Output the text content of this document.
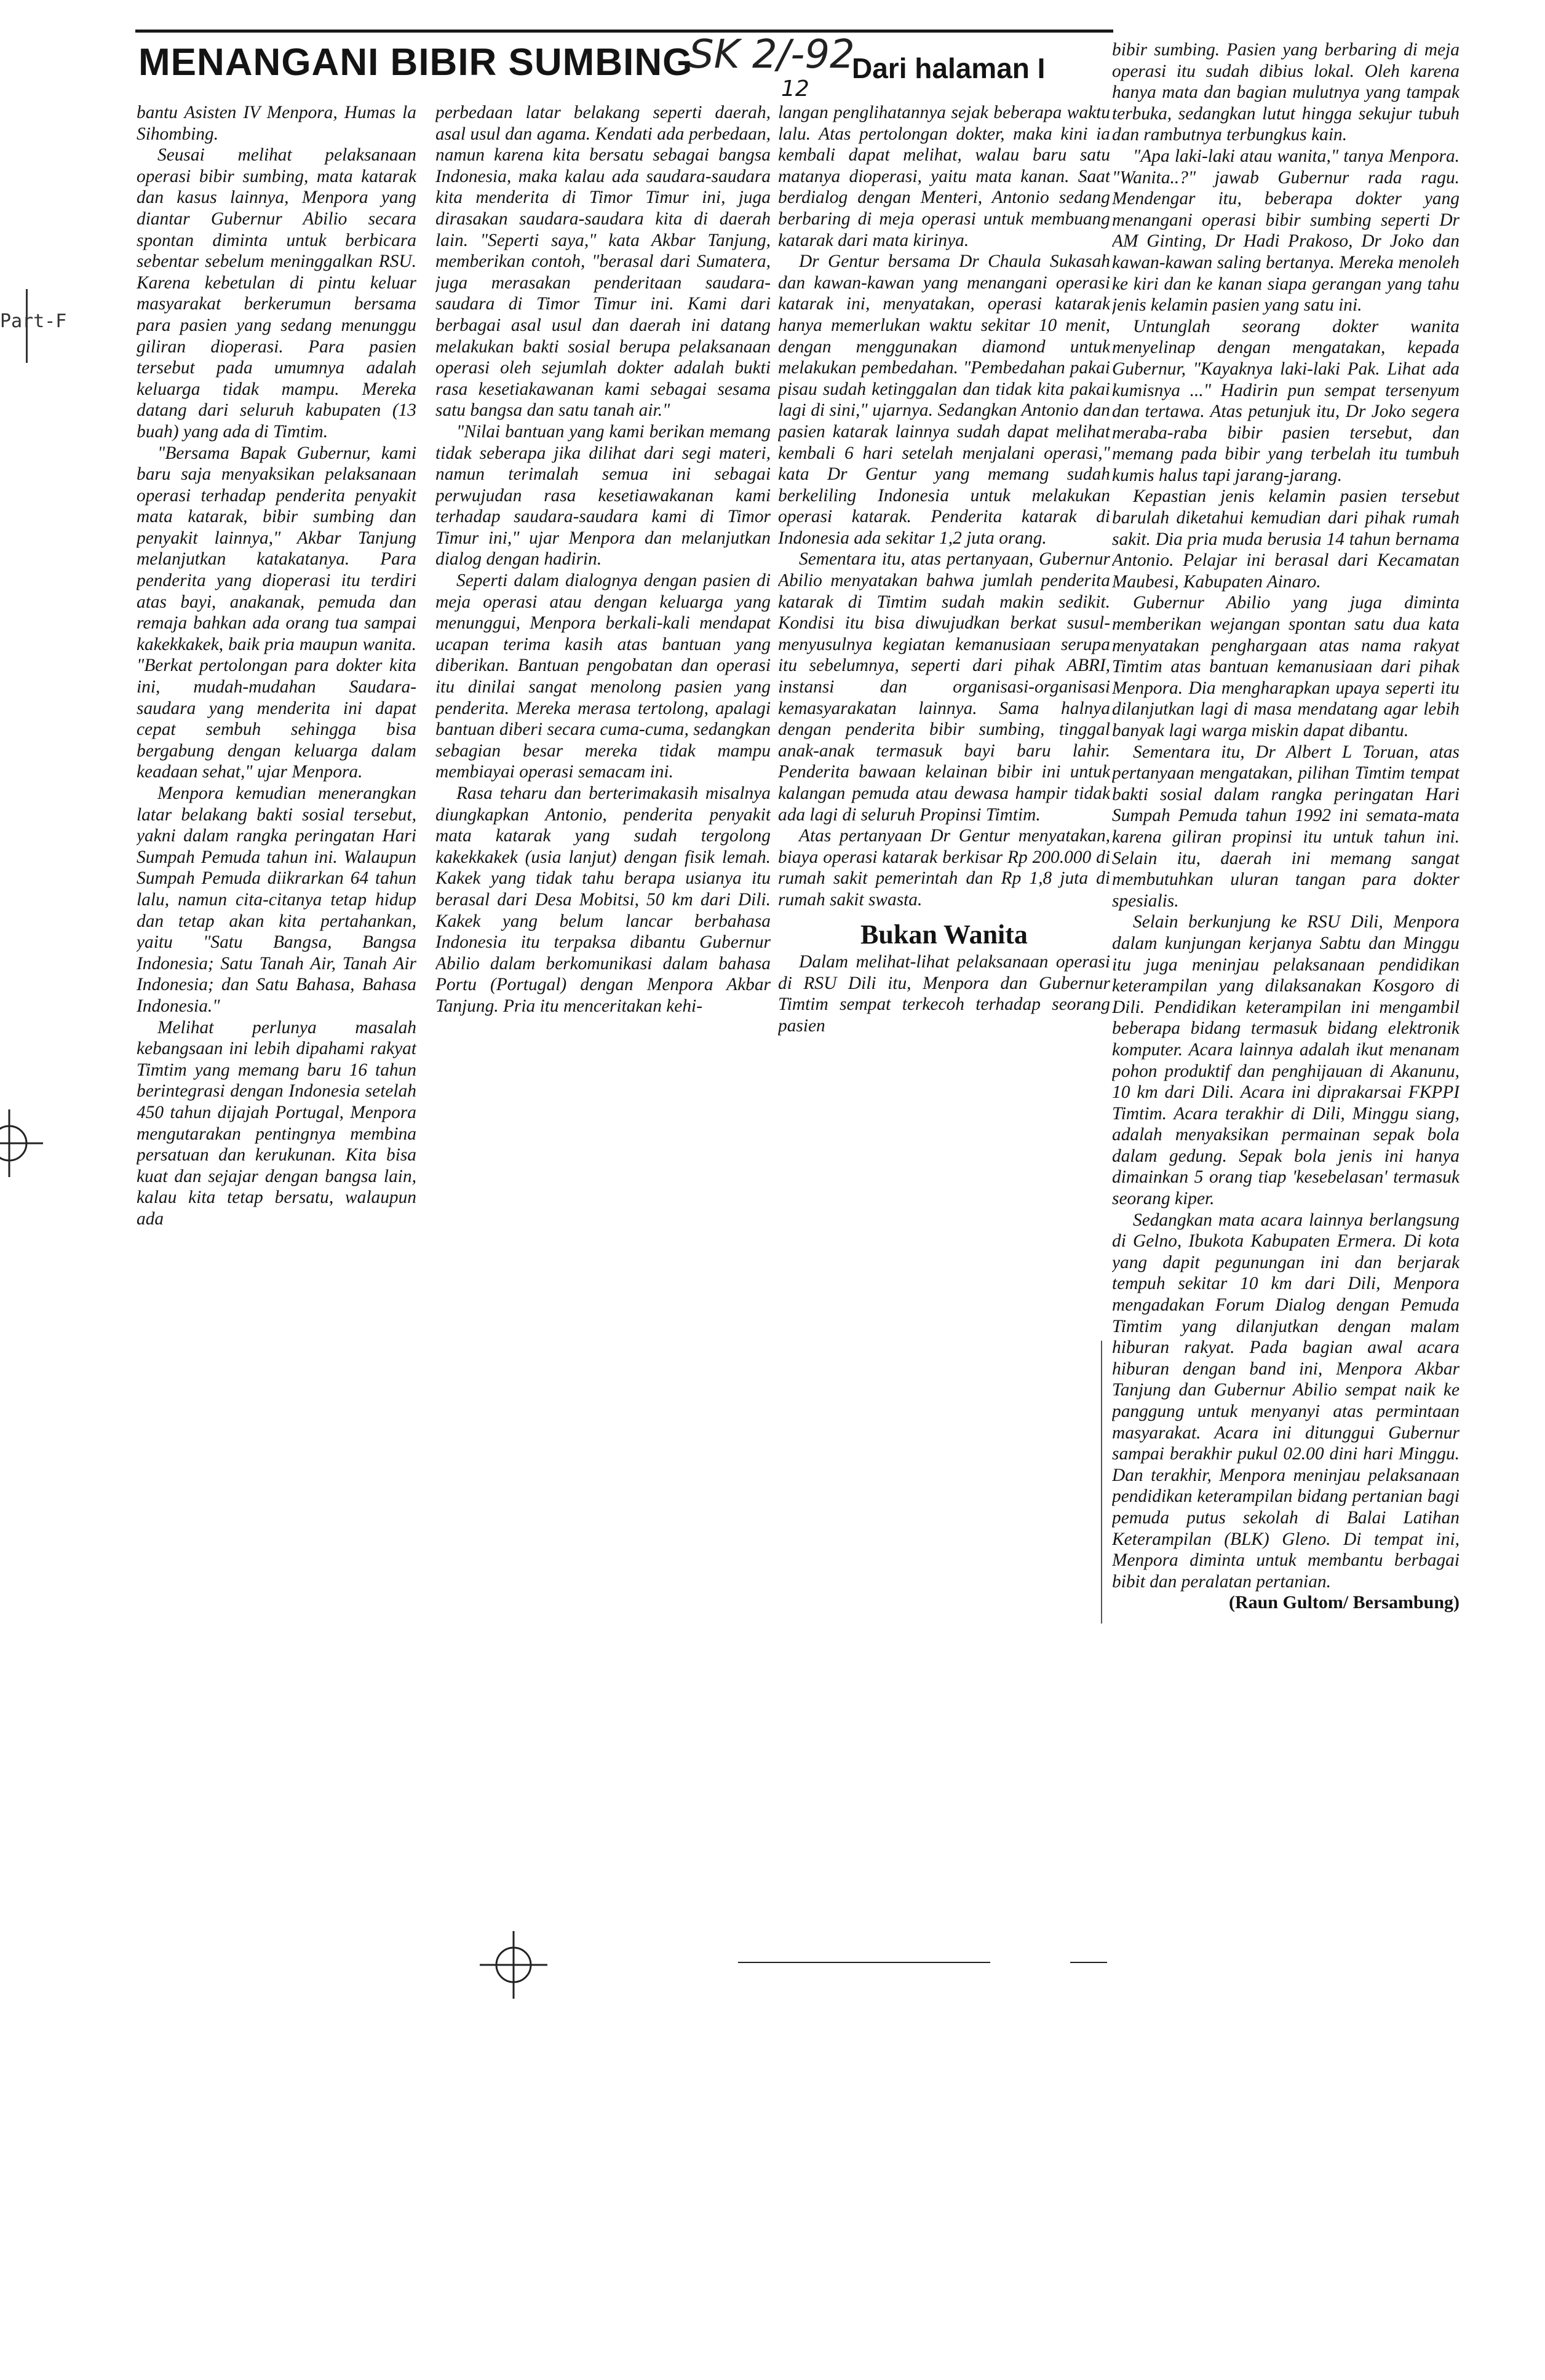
MENANGANI BIBIR SUMBING
SK 2/-92
12
Dari halaman I
Part-F

bantu Asisten IV Menpora, Humas la Sihombing.

Seusai melihat pelaksanaan operasi bibir sumbing, mata katarak dan kasus lainnya, Menpora yang diantar Gubernur Abilio secara spontan diminta untuk berbicara sebentar sebelum meninggalkan RSU. Karena kebetulan di pintu keluar masyarakat berkerumun bersama para pasien yang sedang menunggu giliran dioperasi. Para pasien tersebut pada umumnya adalah keluarga tidak mampu. Mereka datang dari seluruh kabupaten (13 buah) yang ada di Timtim.

"Bersama Bapak Gubernur, kami baru saja menyaksikan pelaksanaan operasi terhadap penderita penyakit mata katarak, bibir sumbing dan penyakit lainnya," Akbar Tanjung melanjutkan katakatanya. Para penderita yang dioperasi itu terdiri atas bayi, anakanak, pemuda dan remaja bahkan ada orang tua sampai kakekkakek, baik pria maupun wanita. "Berkat pertolongan para dokter kita ini, mudah-mudahan Saudara-saudara yang menderita ini dapat cepat sembuh sehingga bisa bergabung dengan keluarga dalam keadaan sehat," ujar Menpora.

Menpora kemudian menerangkan latar belakang bakti sosial tersebut, yakni dalam rangka peringatan Hari Sumpah Pemuda tahun ini. Walaupun Sumpah Pemuda diikrarkan 64 tahun lalu, namun cita-citanya tetap hidup dan tetap akan kita pertahankan, yaitu "Satu Bangsa, Bangsa Indonesia; Satu Tanah Air, Tanah Air Indonesia; dan Satu Bahasa, Bahasa Indonesia."

Melihat perlunya masalah kebangsaan ini lebih dipahami rakyat Timtim yang memang baru 16 tahun berintegrasi dengan Indonesia setelah 450 tahun dijajah Portugal, Menpora mengutarakan pentingnya membina persatuan dan kerukunan. Kita bisa kuat dan sejajar dengan bangsa lain, kalau kita tetap bersatu, walaupun ada

perbedaan latar belakang seperti daerah, asal usul dan agama. Kendati ada perbedaan, namun karena kita bersatu sebagai bangsa Indonesia, maka kalau ada saudara-saudara kita menderita di Timor Timur ini, juga dirasakan saudara-saudara kita di daerah lain. "Seperti saya," kata Akbar Tanjung, memberikan contoh, "berasal dari Sumatera, juga merasakan penderitaan saudara-saudara di Timor Timur ini. Kami dari berbagai asal usul dan daerah ini datang melakukan bakti sosial berupa pelaksanaan operasi oleh sejumlah dokter adalah bukti rasa kesetiakawanan kami sebagai sesama satu bangsa dan satu tanah air."

"Nilai bantuan yang kami berikan memang tidak seberapa jika dilihat dari segi materi, namun terimalah semua ini sebagai perwujudan rasa kesetiawakanan kami terhadap saudara-saudara kami di Timor Timur ini," ujar Menpora dan melanjutkan dialog dengan hadirin.

Seperti dalam dialognya dengan pasien di meja operasi atau dengan keluarga yang menunggui, Menpora berkali-kali mendapat ucapan terima kasih atas bantuan yang diberikan. Bantuan pengobatan dan operasi itu dinilai sangat menolong pasien yang penderita. Mereka merasa tertolong, apalagi bantuan diberi secara cuma-cuma, sedangkan sebagian besar mereka tidak mampu membiayai operasi semacam ini.

Rasa teharu dan berterimakasih misalnya diungkapkan Antonio, penderita penyakit mata katarak yang sudah tergolong kakekkakek (usia lanjut) dengan fisik lemah. Kakek yang tidak tahu berapa usianya itu berasal dari Desa Mobitsi, 50 km dari Dili. Kakek yang belum lancar berbahasa Indonesia itu terpaksa dibantu Gubernur Abilio dalam berkomunikasi dalam bahasa Portu (Portugal) dengan Menpora Akbar Tanjung. Pria itu menceritakan kehi-

langan penglihatannya sejak beberapa waktu lalu. Atas pertolongan dokter, maka kini ia kembali dapat melihat, walau baru satu matanya dioperasi, yaitu mata kanan. Saat berdialog dengan Menteri, Antonio sedang berbaring di meja operasi untuk membuang katarak dari mata kirinya.

Dr Gentur bersama Dr Chaula Sukasah dan kawan-kawan yang menangani operasi katarak ini, menyatakan, operasi katarak hanya memerlukan waktu sekitar 10 menit, dengan menggunakan diamond untuk melakukan pembedahan. "Pembedahan pakai pisau sudah ketinggalan dan tidak kita pakai lagi di sini," ujarnya. Sedangkan Antonio dan pasien katarak lainnya sudah dapat melihat kembali 6 hari setelah menjalani operasi," kata Dr Gentur yang memang sudah berkeliling Indonesia untuk melakukan operasi katarak. Penderita katarak di Indonesia ada sekitar 1,2 juta orang.

Sementara itu, atas pertanyaan, Gubernur Abilio menyatakan bahwa jumlah penderita katarak di Timtim sudah makin sedikit. Kondisi itu bisa diwujudkan berkat susul-menyusulnya kegiatan kemanusiaan serupa itu sebelumnya, seperti dari pihak ABRI, instansi dan organisasi-organisasi kemasyarakatan lainnya. Sama halnya dengan penderita bibir sumbing, tinggal anak-anak termasuk bayi baru lahir. Penderita bawaan kelainan bibir ini untuk kalangan pemuda atau dewasa hampir tidak ada lagi di seluruh Propinsi Timtim.

Atas pertanyaan Dr Gentur menyatakan, biaya operasi katarak berkisar Rp 200.000 di rumah sakit pemerintah dan Rp 1,8 juta di rumah sakit swasta.

Bukan Wanita

Dalam melihat-lihat pelaksanaan operasi di RSU Dili itu, Menpora dan Gubernur Timtim sempat terkecoh terhadap seorang pasien

bibir sumbing. Pasien yang berbaring di meja operasi itu sudah dibius lokal. Oleh karena hanya mata dan bagian mulutnya yang tampak terbuka, sedangkan lutut hingga sekujur tubuh dan rambutnya terbungkus kain.

"Apa laki-laki atau wanita," tanya Menpora. "Wanita..?" jawab Gubernur rada ragu. Mendengar itu, beberapa dokter yang menangani operasi bibir sumbing seperti Dr AM Ginting, Dr Hadi Prakoso, Dr Joko dan kawan-kawan saling bertanya. Mereka menoleh ke kiri dan ke kanan siapa gerangan yang tahu jenis kelamin pasien yang satu ini.

Untunglah seorang dokter wanita menyelinap dengan mengatakan, kepada Gubernur, "Kayaknya laki-laki Pak. Lihat ada kumisnya ..." Hadirin pun sempat tersenyum dan tertawa. Atas petunjuk itu, Dr Joko segera meraba-raba bibir pasien tersebut, dan memang pada bibir yang terbelah itu tumbuh kumis halus tapi jarang-jarang.

Kepastian jenis kelamin pasien tersebut barulah diketahui kemudian dari pihak rumah sakit. Dia pria muda berusia 14 tahun bernama Antonio. Pelajar ini berasal dari Kecamatan Maubesi, Kabupaten Ainaro.

Gubernur Abilio yang juga diminta memberikan wejangan spontan satu dua kata menyatakan penghargaan atas nama rakyat Timtim atas bantuan kemanusiaan dari pihak Menpora. Dia mengharapkan upaya seperti itu dilanjutkan lagi di masa mendatang agar lebih banyak lagi warga miskin dapat dibantu.

Sementara itu, Dr Albert L Toruan, atas pertanyaan mengatakan, pilihan Timtim tempat bakti sosial dalam rangka peringatan Hari Sumpah Pemuda tahun 1992 ini semata-mata karena giliran propinsi itu untuk tahun ini. Selain itu, daerah ini memang sangat membutuhkan uluran tangan para dokter spesialis.

Selain berkunjung ke RSU Dili, Menpora dalam kunjungan kerjanya Sabtu dan Minggu itu juga meninjau pelaksanaan pendidikan keterampilan yang dilaksanakan Kosgoro di Dili. Pendidikan keterampilan ini mengambil beberapa bidang termasuk bidang elektronik komputer. Acara lainnya adalah ikut menanam pohon produktif dan penghijauan di Akanunu, 10 km dari Dili. Acara ini diprakarsai FKPPI Timtim. Acara terakhir di Dili, Minggu siang, adalah menyaksikan permainan sepak bola dalam gedung. Sepak bola jenis ini hanya dimainkan 5 orang tiap 'kesebelasan' termasuk seorang kiper.

Sedangkan mata acara lainnya berlangsung di Gelno, Ibukota Kabupaten Ermera. Di kota yang dapit pegunungan ini dan berjarak tempuh sekitar 10 km dari Dili, Menpora mengadakan Forum Dialog dengan Pemuda Timtim yang dilanjutkan dengan malam hiburan rakyat. Pada bagian awal acara hiburan dengan band ini, Menpora Akbar Tanjung dan Gubernur Abilio sempat naik ke panggung untuk menyanyi atas permintaan masyarakat. Acara ini ditunggui Gubernur sampai berakhir pukul 02.00 dini hari Minggu. Dan terakhir, Menpora meninjau pelaksanaan pendidikan keterampilan bidang pertanian bagi pemuda putus sekolah di Balai Latihan Keterampilan (BLK) Gleno. Di tempat ini, Menpora diminta untuk membantu berbagai bibit dan peralatan pertanian.

(Raun Gultom/ Bersambung)
